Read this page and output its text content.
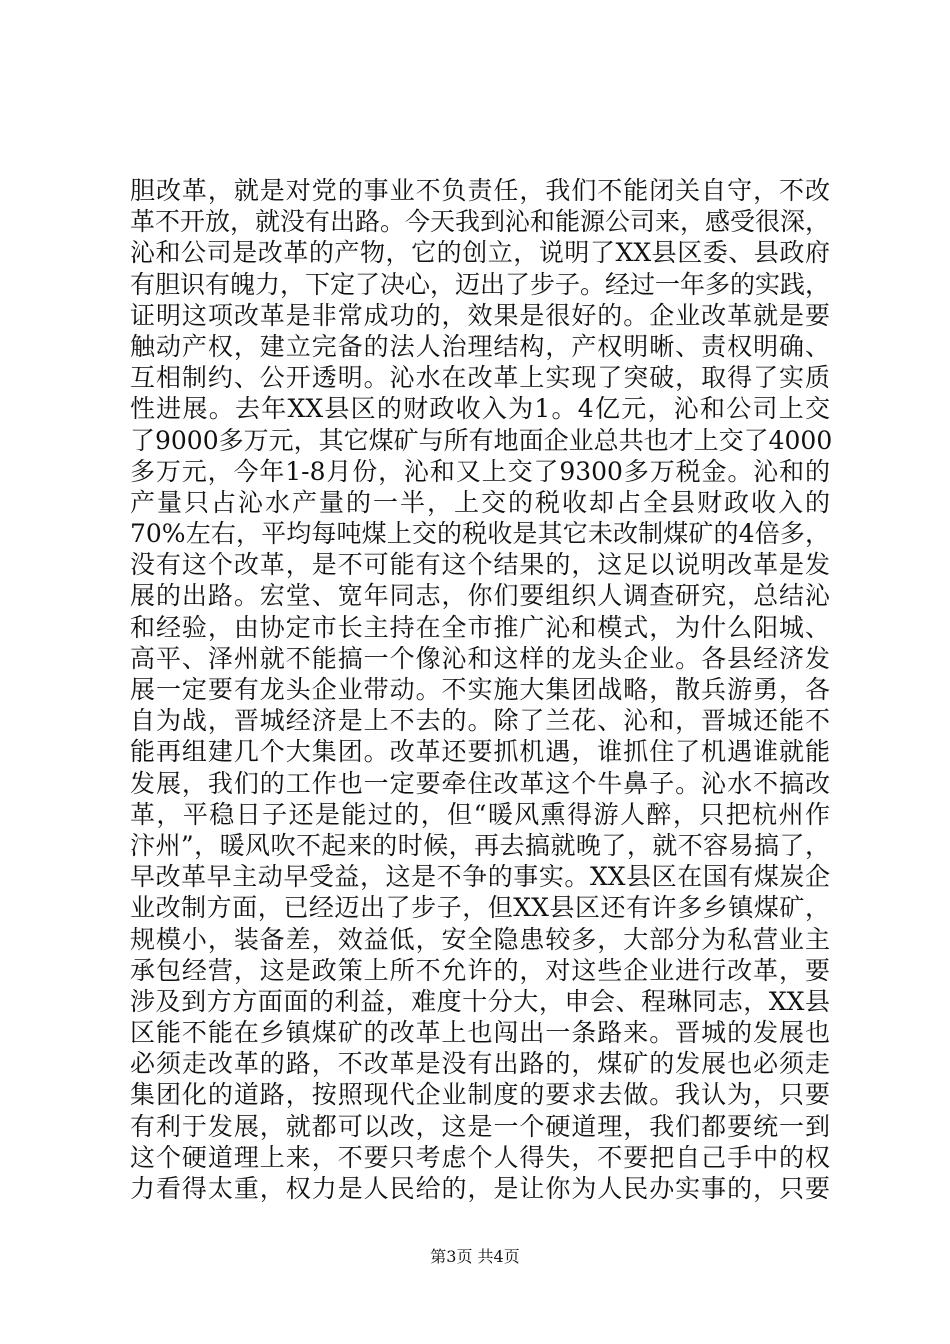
胆改革，就是对党的事业不负责任，我们不能闭关自守，不改
革不开放，就没有出路。今天我到沁和能源公司来，感受很深，
沁和公司是改革的产物，它的创立，说明了XX县区委、县政府
有胆识有魄力，下定了决心，迈出了步子。经过一年多的实践，
证明这项改革是非常成功的，效果是很好的。企业改革就是要
触动产权，建立完备的法人治理结构，产权明晰、责权明确、
互相制约、公开透明。沁水在改革上实现了突破，取得了实质
性进展。去年XX县区的财政收入为1。4亿元，沁和公司上交
了9000多万元，其它煤矿与所有地面企业总共也才上交了4000
多万元，今年1-8月份，沁和又上交了9300多万税金。沁和的
产量只占沁水产量的一半，上交的税收却占全县财政收入的
70%左右，平均每吨煤上交的税收是其它未改制煤矿的4倍多，
没有这个改革，是不可能有这个结果的，这足以说明改革是发
展的出路。宏堂、宽年同志，你们要组织人调查研究，总结沁
和经验，由协定市长主持在全市推广沁和模式，为什么阳城、
高平、泽州就不能搞一个像沁和这样的龙头企业。各县经济发
展一定要有龙头企业带动。不实施大集团战略，散兵游勇，各
自为战，晋城经济是上不去的。除了兰花、沁和，晋城还能不
能再组建几个大集团。改革还要抓机遇，谁抓住了机遇谁就能
发展，我们的工作也一定要牵住改革这个牛鼻子。沁水不搞改
革，平稳日子还是能过的，但“暖风熏得游人醉，只把杭州作
汴州”，暖风吹不起来的时候，再去搞就晚了，就不容易搞了，
早改革早主动早受益，这是不争的事实。XX县区在国有煤炭企
业改制方面，已经迈出了步子，但XX县区还有许多乡镇煤矿，
规模小，装备差，效益低，安全隐患较多，大部分为私营业主
承包经营，这是政策上所不允许的，对这些企业进行改革，要
涉及到方方面面的利益，难度十分大，申会、程琳同志，XX县
区能不能在乡镇煤矿的改革上也闯出一条路来。晋城的发展也
必须走改革的路，不改革是没有出路的，煤矿的发展也必须走
集团化的道路，按照现代企业制度的要求去做。我认为，只要
有利于发展，就都可以改，这是一个硬道理，我们都要统一到
这个硬道理上来，不要只考虑个人得失，不要把自己手中的权
力看得太重，权力是人民给的，是让你为人民办实事的，只要
第3页 共4页
